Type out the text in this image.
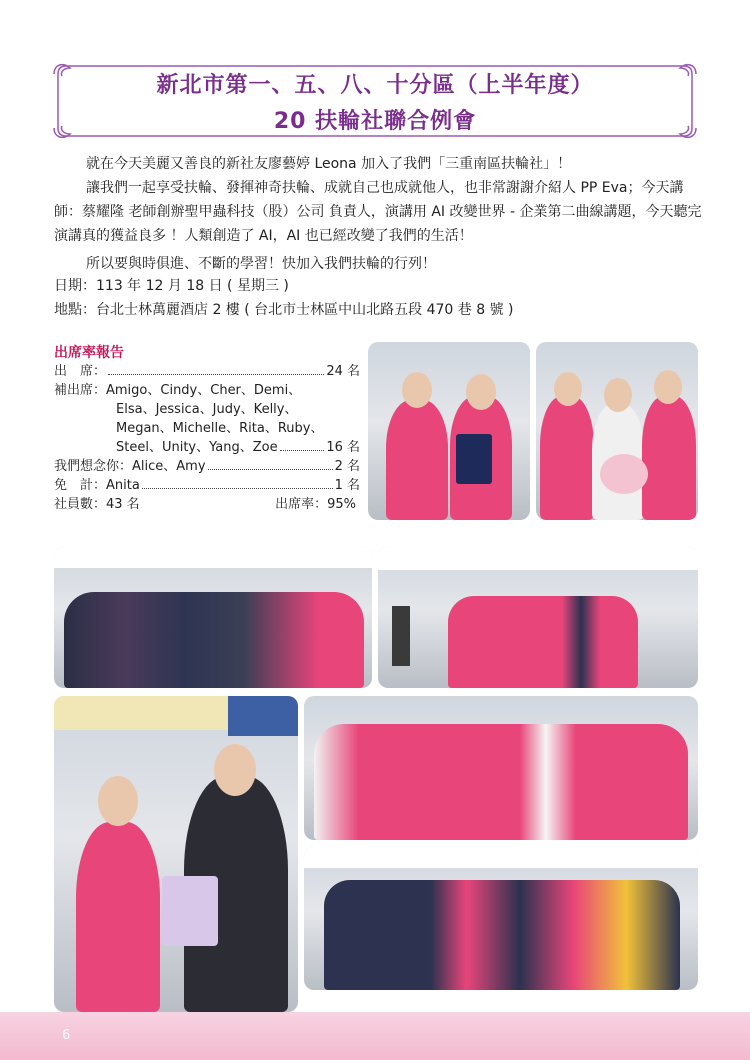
新北市第一、五、八、十分區（上半年度）
20 扶輪社聯合例會

就在今天美麗又善良的新社友廖藝婷 Leona 加入了我們「三重南區扶輪社」！

讓我們一起享受扶輪、發揮神奇扶輪、成就自己也成就他人，也非常謝謝介紹人 PP Eva；今天講師：蔡耀隆 老師創辦聖甲蟲科技（股）公司 負責人，演講用 AI 改變世界 - 企業第二曲線講題，今天聽完演講真的獲益良多 ！人類創造了 AI，AI 也已經改變了我們的生活！

所以要與時俱進、不斷的學習！快加入我們扶輪的行列！

日期：113 年 12 月 18 日 ( 星期三 )
地點：台北士林萬麗酒店 2 樓 ( 台北市士林區中山北路五段 470 巷 8 號 )
出席率報告
出　席：	24 名
補出席：Amigo、Cindy、Cher、Demi、
Elsa、Jessica、Judy、Kelly、
Megan、Michelle、Rita、Ruby、
Steel、Unity、Yang、Zoe	16 名
我們想念你：Alice、Amy	2 名
免　計：Anita	1 名
社員數：43 名	出席率：95%
6
